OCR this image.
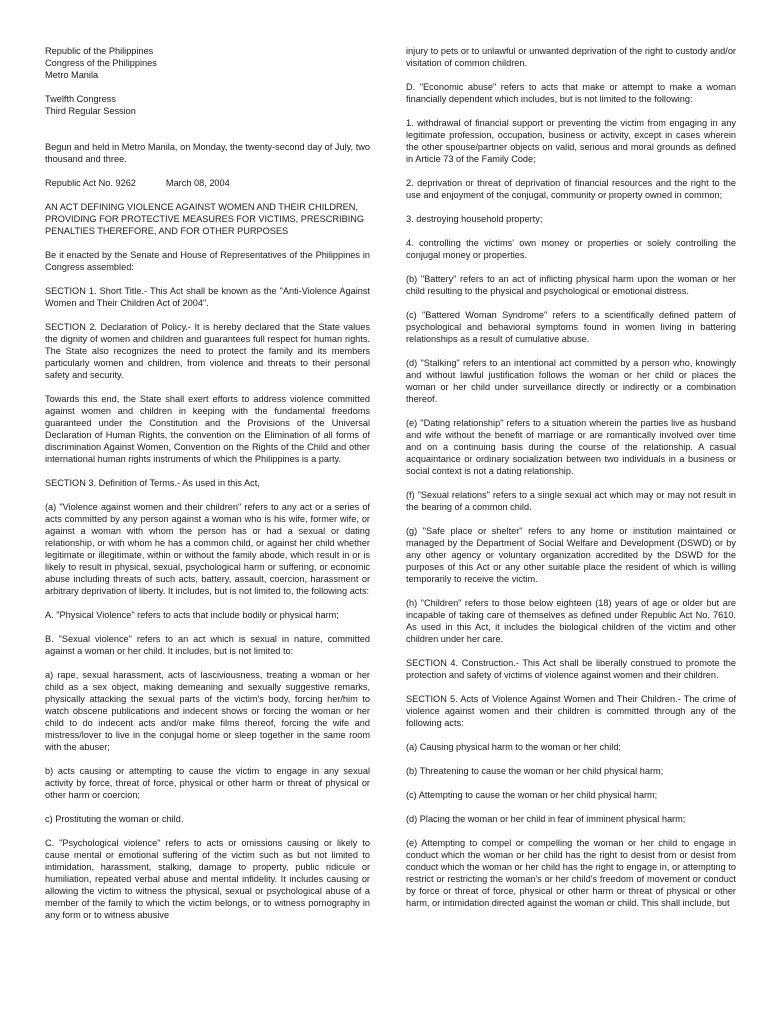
Republic of the Philippines
Congress of the Philippines
Metro Manila

Twelfth Congress
Third Regular Session

Begun and held in Metro Manila, on Monday, the twenty-second day of July, two thousand and three.

Republic Act No. 9262	March 08, 2004

AN ACT DEFINING VIOLENCE AGAINST WOMEN AND THEIR CHILDREN, PROVIDING FOR PROTECTIVE MEASURES FOR VICTIMS, PRESCRIBING PENALTIES THEREFORE, AND FOR OTHER PURPOSES

Be it enacted by the Senate and House of Representatives of the Philippines in Congress assembled:

SECTION 1. Short Title.- This Act shall be known as the "Anti-Violence Against Women and Their Children Act of 2004".

SECTION 2. Declaration of Policy.- It is hereby declared that the State values the dignity of women and children and guarantees full respect for human rights. The State also recognizes the need to protect the family and its members particularly women and children, from violence and threats to their personal safety and security.

Towards this end, the State shall exert efforts to address violence committed against women and children in keeping with the fundamental freedoms guaranteed under the Constitution and the Provisions of the Universal Declaration of Human Rights, the convention on the Elimination of all forms of discrimination Against Women, Convention on the Rights of the Child and other international human rights instruments of which the Philippines is a party.

SECTION 3. Definition of Terms.- As used in this Act,

(a) "Violence against women and their children" refers to any act or a series of acts committed by any person against a woman who is his wife, former wife, or against a woman with whom the person has or had a sexual or dating relationship, or with whom he has a common child, or against her child whether legitimate or illegitimate, within or without the family abode, which result in or is likely to result in physical, sexual, psychological harm or suffering, or economic abuse including threats of such acts, battery, assault, coercion, harassment or arbitrary deprivation of liberty. It includes, but is not limited to, the following acts:

A. "Physical Violence" refers to acts that include bodily or physical harm;

B. "Sexual violence" refers to an act which is sexual in nature, committed against a woman or her child. It includes, but is not limited to:

a) rape, sexual harassment, acts of lasciviousness, treating a woman or her child as a sex object, making demeaning and sexually suggestive remarks, physically attacking the sexual parts of the victim's body, forcing her/him to watch obscene publications and indecent shows or forcing the woman or her child to do indecent acts and/or make films thereof, forcing the wife and mistress/lover to live in the conjugal home or sleep together in the same room with the abuser;

b) acts causing or attempting to cause the victim to engage in any sexual activity by force, threat of force, physical or other harm or threat of physical or other harm or coercion;

c) Prostituting the woman or child.

C. "Psychological violence" refers to acts or omissions causing or likely to cause mental or emotional suffering of the victim such as but not limited to intimidation, harassment, stalking, damage to property, public ridicule or humiliation, repeated verbal abuse and mental infidelity. It includes causing or allowing the victim to witness the physical, sexual or psychological abuse of a member of the family to which the victim belongs, or to witness pornography in any form or to witness abusive

injury to pets or to unlawful or unwanted deprivation of the right to custody and/or visitation of common children.

D. "Economic abuse" refers to acts that make or attempt to make a woman financially dependent which includes, but is not limited to the following:

1. withdrawal of financial support or preventing the victim from engaging in any legitimate profession, occupation, business or activity, except in cases wherein the other spouse/partner objects on valid, serious and moral grounds as defined in Article 73 of the Family Code;

2. deprivation or threat of deprivation of financial resources and the right to the use and enjoyment of the conjugal, community or property owned in common;

3. destroying household property;

4. controlling the victims' own money or properties or solely controlling the conjugal money or properties.

(b) "Battery" refers to an act of inflicting physical harm upon the woman or her child resulting to the physical and psychological or emotional distress.

(c) "Battered Woman Syndrome" refers to a scientifically defined pattern of psychological and behavioral symptoms found in women living in battering relationships as a result of cumulative abuse.

(d) "Stalking" refers to an intentional act committed by a person who, knowingly and without lawful justification follows the woman or her child or places the woman or her child under surveillance directly or indirectly or a combination thereof.

(e) "Dating relationship" refers to a situation wherein the parties live as husband and wife without the benefit of marriage or are romantically involved over time and on a continuing basis during the course of the relationship. A casual acquaintance or ordinary socialization between two individuals in a business or social context is not a dating relationship.

(f) "Sexual relations" refers to a single sexual act which may or may not result in the bearing of a common child.

(g) "Safe place or shelter" refers to any home or institution maintained or managed by the Department of Social Welfare and Development (DSWD) or by any other agency or voluntary organization accredited by the DSWD for the purposes of this Act or any other suitable place the resident of which is willing temporarily to receive the victim.

(h) "Children" refers to those below eighteen (18) years of age or older but are incapable of taking care of themselves as defined under Republic Act No. 7610. As used in this Act, it includes the biological children of the victim and other children under her care.

SECTION 4. Construction.- This Act shall be liberally construed to promote the protection and safety of victims of violence against women and their children.

SECTION 5. Acts of Violence Against Women and Their Children.- The crime of violence against women and their children is committed through any of the following acts:

(a) Causing physical harm to the woman or her child;

(b) Threatening to cause the woman or her child physical harm;

(c) Attempting to cause the woman or her child physical harm;

(d) Placing the woman or her child in fear of imminent physical harm;

(e) Attempting to compel or compelling the woman or her child to engage in conduct which the woman or her child has the right to desist from or desist from conduct which the woman or her child has the right to engage in, or attempting to restrict or restricting the woman's or her child's freedom of movement or conduct by force or threat of force, physical or other harm or threat of physical or other harm, or intimidation directed against the woman or child. This shall include, but
